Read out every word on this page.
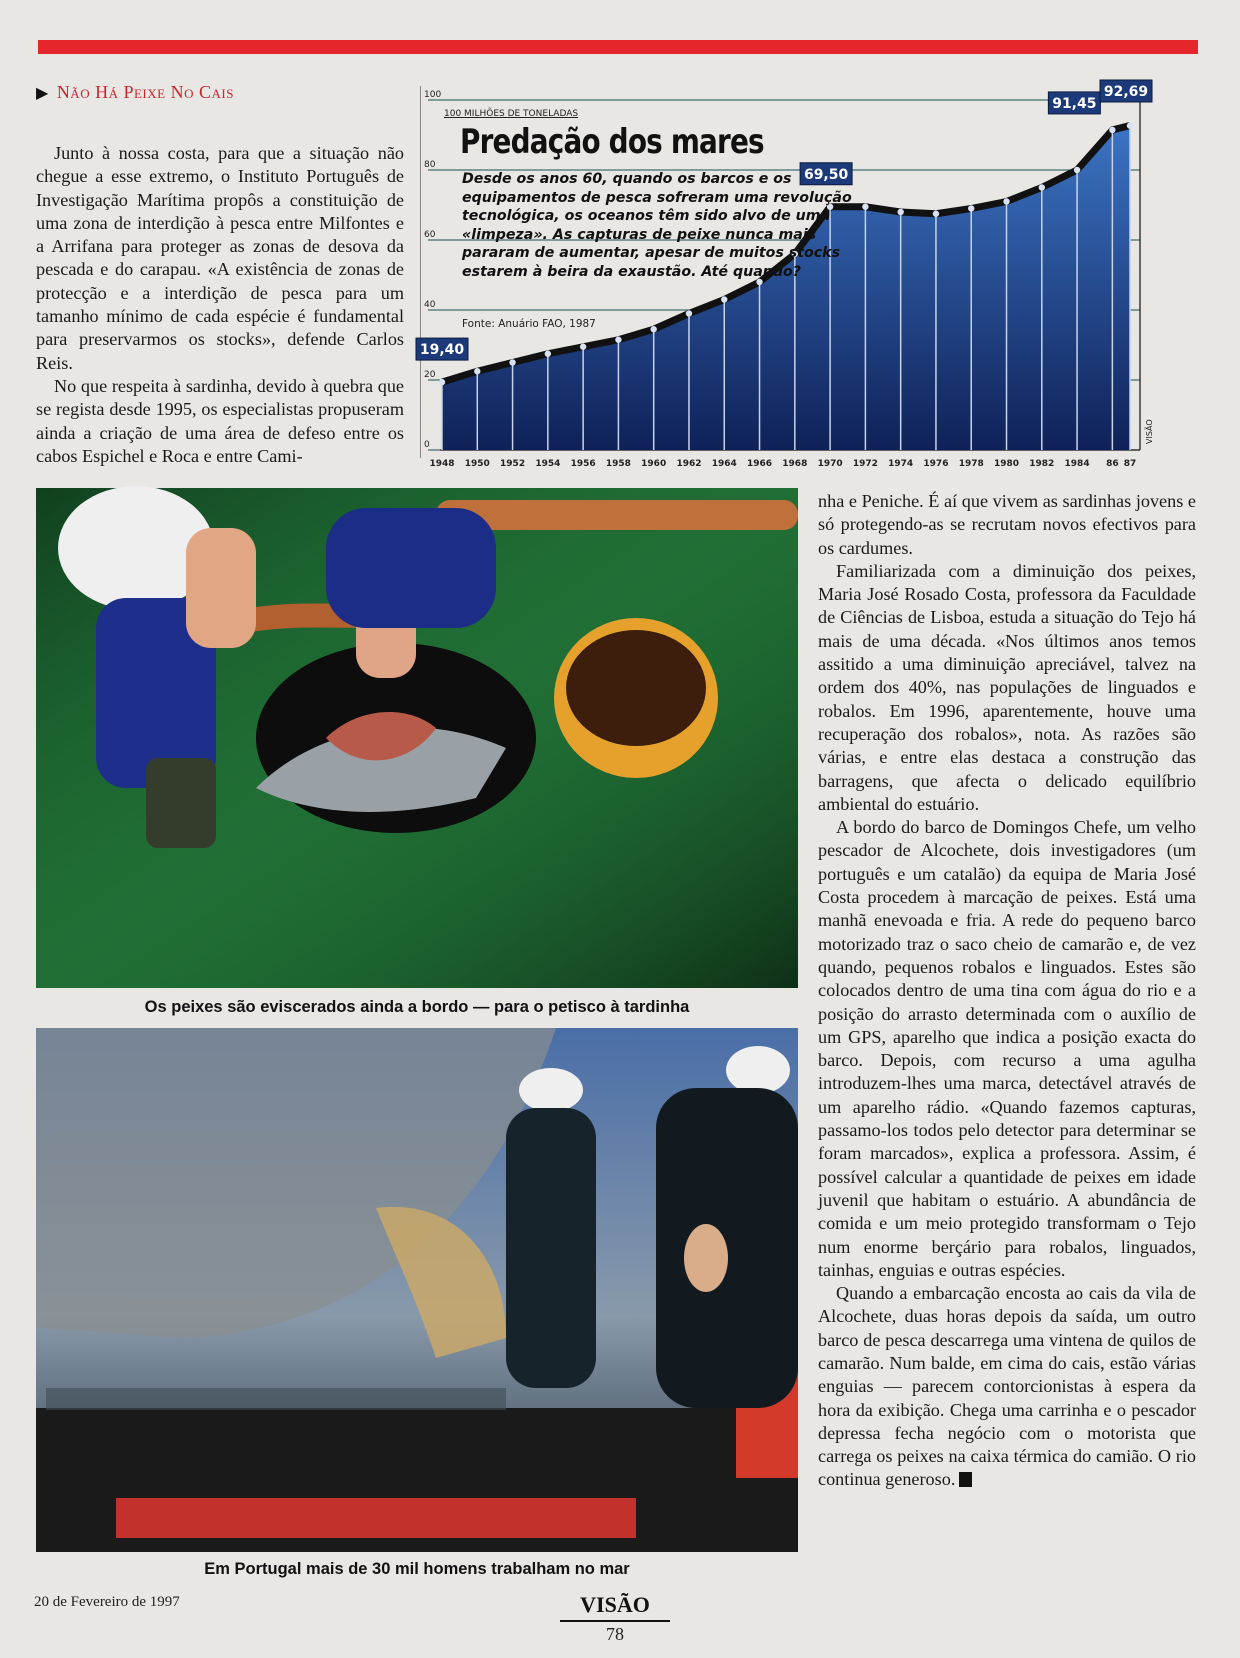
▶ Não Há Peixe No Cais

Junto à nossa costa, para que a situação não chegue a esse extremo, o Instituto Português de Investigação Marítima propôs a constituição de uma zona de interdição à pesca entre Milfontes e a Arrifana para proteger as zonas de desova da pescada e do carapau. «A existência de zonas de protecção e a interdição de pesca para um tamanho mínimo de cada espécie é fundamental para preservarmos os stocks», defende Carlos Reis.

No que respeita à sardinha, devido à quebra que se regista desde 1995, os especialistas propuseram ainda a criação de uma área de defeso entre os cabos Espichel e Roca e entre Cami-

0
20
40
60
80
100
1948 1950 1952 1954 1956 1958 1960 1962 1964 1966 1968 1970 1972 1974 1976 1978 1980 1982 1984 86 87
VISÃO
19,40
69,50
91,45
92,69
100 MILHÕES DE TONELADAS
Predação dos mares
Desde os anos 60, quando os barcos e os equipamentos de pesca sofreram uma revolução tecnológica, os oceanos têm sido alvo de uma «limpeza». As capturas de peixe nunca mais pararam de aumentar, apesar de muitos stocks estarem à beira da exaustão. Até quando?
Fonte: Anuário FAO, 1987
Os peixes são eviscerados ainda a bordo — para o petisco à tardinha
Em Portugal mais de 30 mil homens trabalham no mar

nha e Peniche. É aí que vivem as sardinhas jovens e só protegendo-as se recrutam novos efectivos para os cardumes.

Familiarizada com a diminuição dos peixes, Maria José Rosado Costa, professora da Faculdade de Ciências de Lisboa, estuda a situação do Tejo há mais de uma década. «Nos últimos anos temos assitido a uma diminuição apreciável, talvez na ordem dos 40%, nas populações de linguados e robalos. Em 1996, aparentemente, houve uma recuperação dos robalos», nota. As razões são várias, e entre elas destaca a construção das barragens, que afecta o delicado equilíbrio ambiental do estuário.

A bordo do barco de Domingos Chefe, um velho pescador de Alcochete, dois investigadores (um português e um catalão) da equipa de Maria José Costa procedem à marcação de peixes. Está uma manhã enevoada e fria. A rede do pequeno barco motorizado traz o saco cheio de camarão e, de vez quando, pequenos robalos e linguados. Estes são colocados dentro de uma tina com água do rio e a posição do arrasto determinada com o auxílio de um GPS, aparelho que indica a posição exacta do barco. Depois, com recurso a uma agulha introduzem-lhes uma marca, detectável através de um aparelho rádio. «Quando fazemos capturas, passamo-los todos pelo detector para determinar se foram marcados», explica a professora. Assim, é possível calcular a quantidade de peixes em idade juvenil que habitam o estuário. A abundância de comida e um meio protegido transformam o Tejo num enorme berçário para robalos, linguados, tainhas, enguias e outras espécies.

Quando a embarcação encosta ao cais da vila de Alcochete, duas horas depois da saída, um outro barco de pesca descarrega uma vintena de quilos de camarão. Num balde, em cima do cais, estão várias enguias — parecem contorcionistas à espera da hora da exibição. Chega uma carrinha e o pescador depressa fecha negócio com o motorista que carrega os peixes na caixa térmica do camião. O rio continua generoso.

20 de Fevereiro de 1997	VISÃO
78
